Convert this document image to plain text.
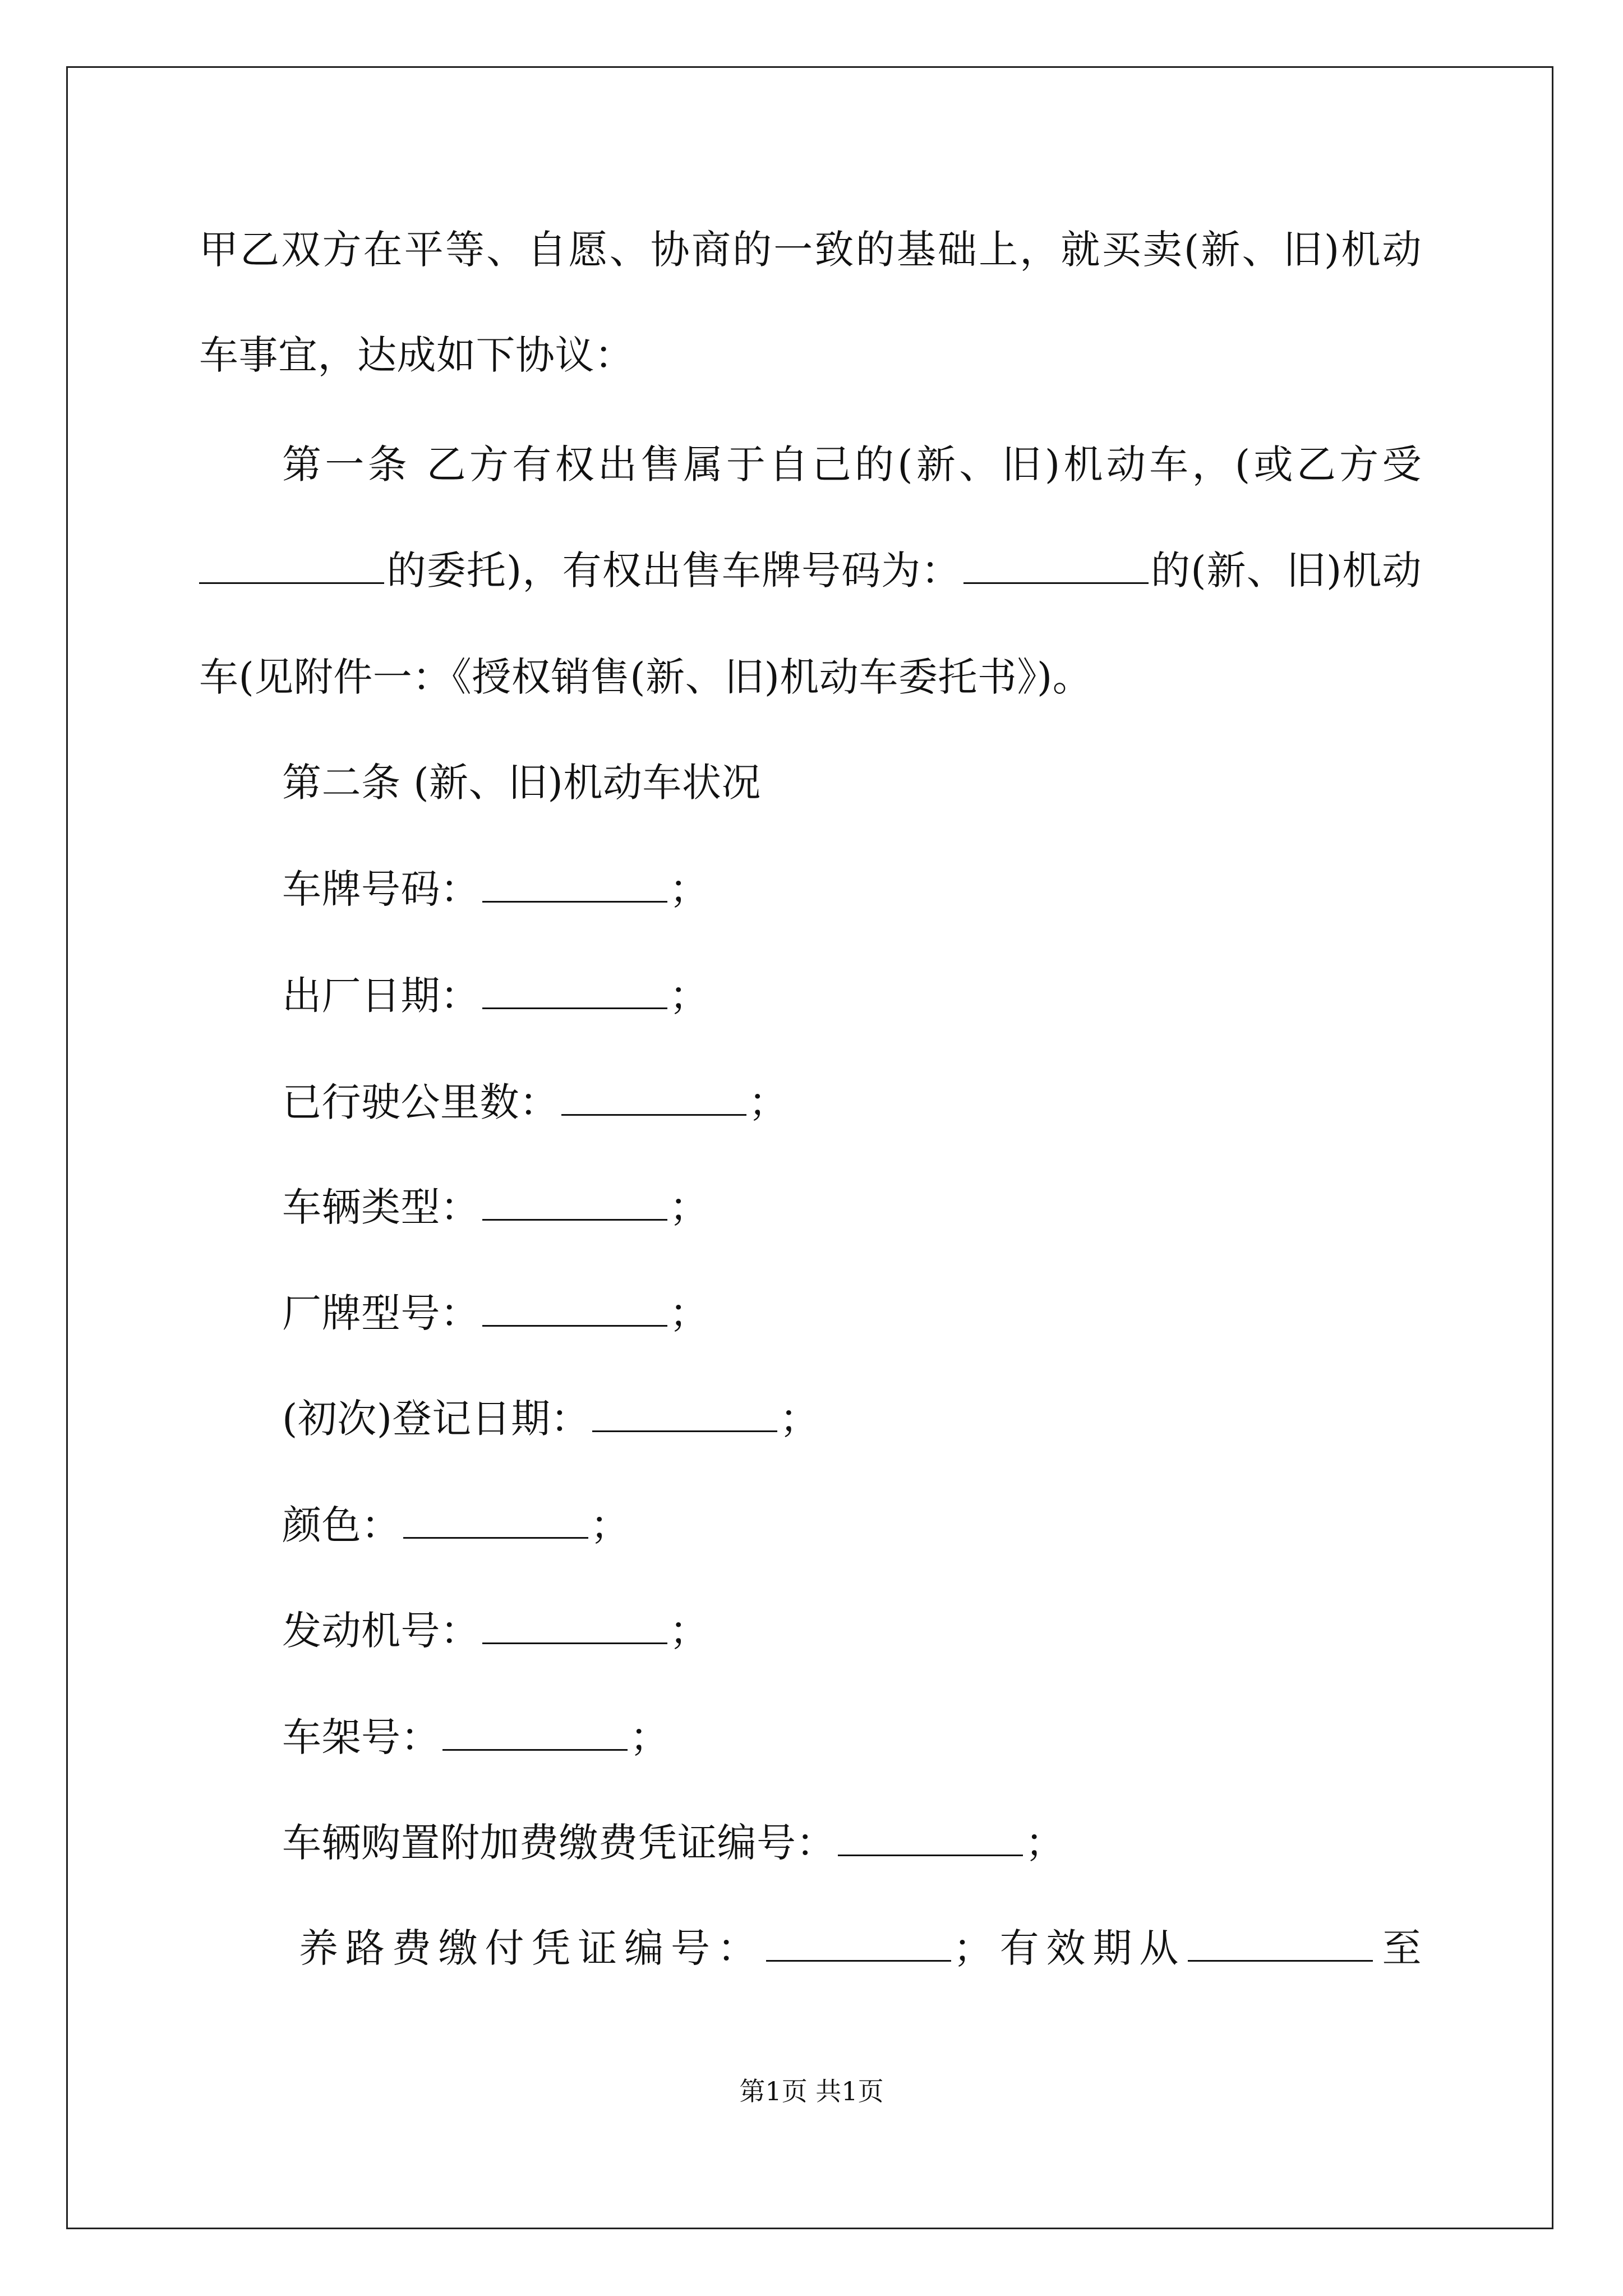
甲乙双方在平等、自愿、协商的一致的基础上，就买卖(新、旧)机动
车事宜，达成如下协议：
第一条 乙方有权出售属于自己的(新、旧)机动车，(或乙方受
的委托)，有权出售车牌号码为：	的(新、旧)机动
车(见附件一：《授权销售(新、旧)机动车委托书》)。
第二条 (新、旧)机动车状况
车牌号码：	；
出厂日期：	；
已行驶公里数：	；
车辆类型：	；
厂牌型号：	；
(初次)登记日期：	；
颜色：	；
发动机号：	；
车架号：	；
车辆购置附加费缴费凭证编号：	；
养路费缴付凭证编号：	；有效期从	至
第1页 共1页
